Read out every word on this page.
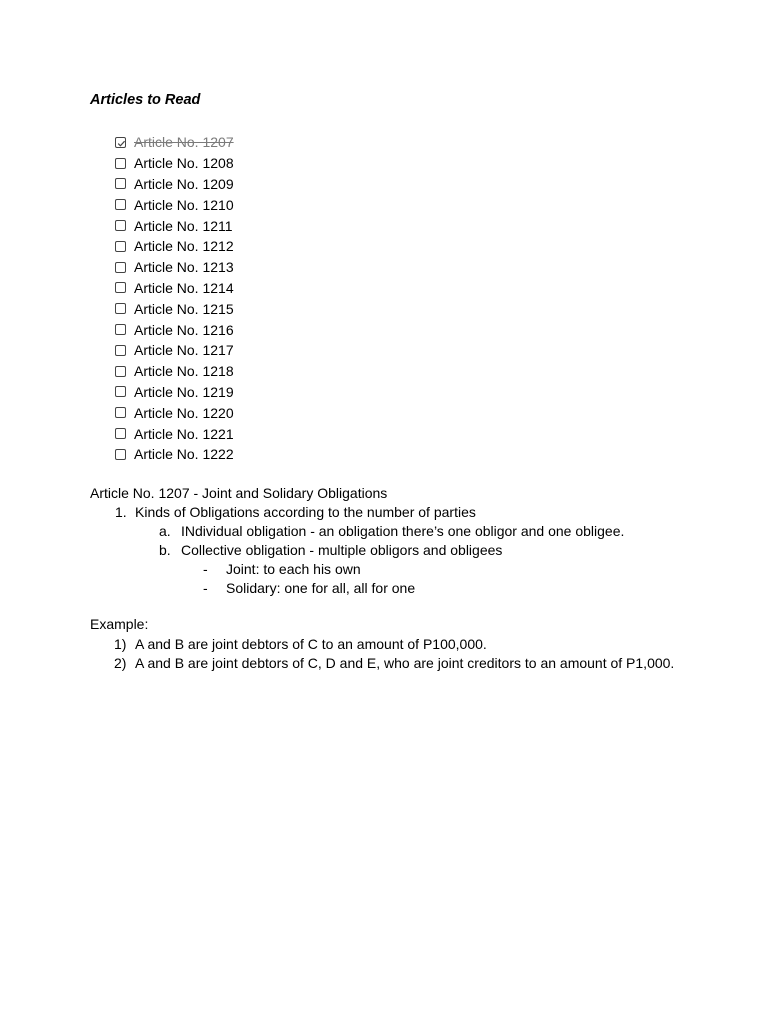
Articles to Read
Article No. 1207
Article No. 1208
Article No. 1209
Article No. 1210
Article No. 1211
Article No. 1212
Article No. 1213
Article No. 1214
Article No. 1215
Article No. 1216
Article No. 1217
Article No. 1218
Article No. 1219
Article No. 1220
Article No. 1221
Article No. 1222
Article No. 1207 - Joint and Solidary Obligations
1. Kinds of Obligations according to the number of parties
a. INdividual obligation - an obligation there’s one obligor and one obligee.
b. Collective obligation - multiple obligors and obligees
- Joint: to each his own
- Solidary: one for all, all for one
Example:
1) A and B are joint debtors of C to an amount of P100,000.
2) A and B are joint debtors of C, D and E, who are joint creditors to an amount of P1,000.
